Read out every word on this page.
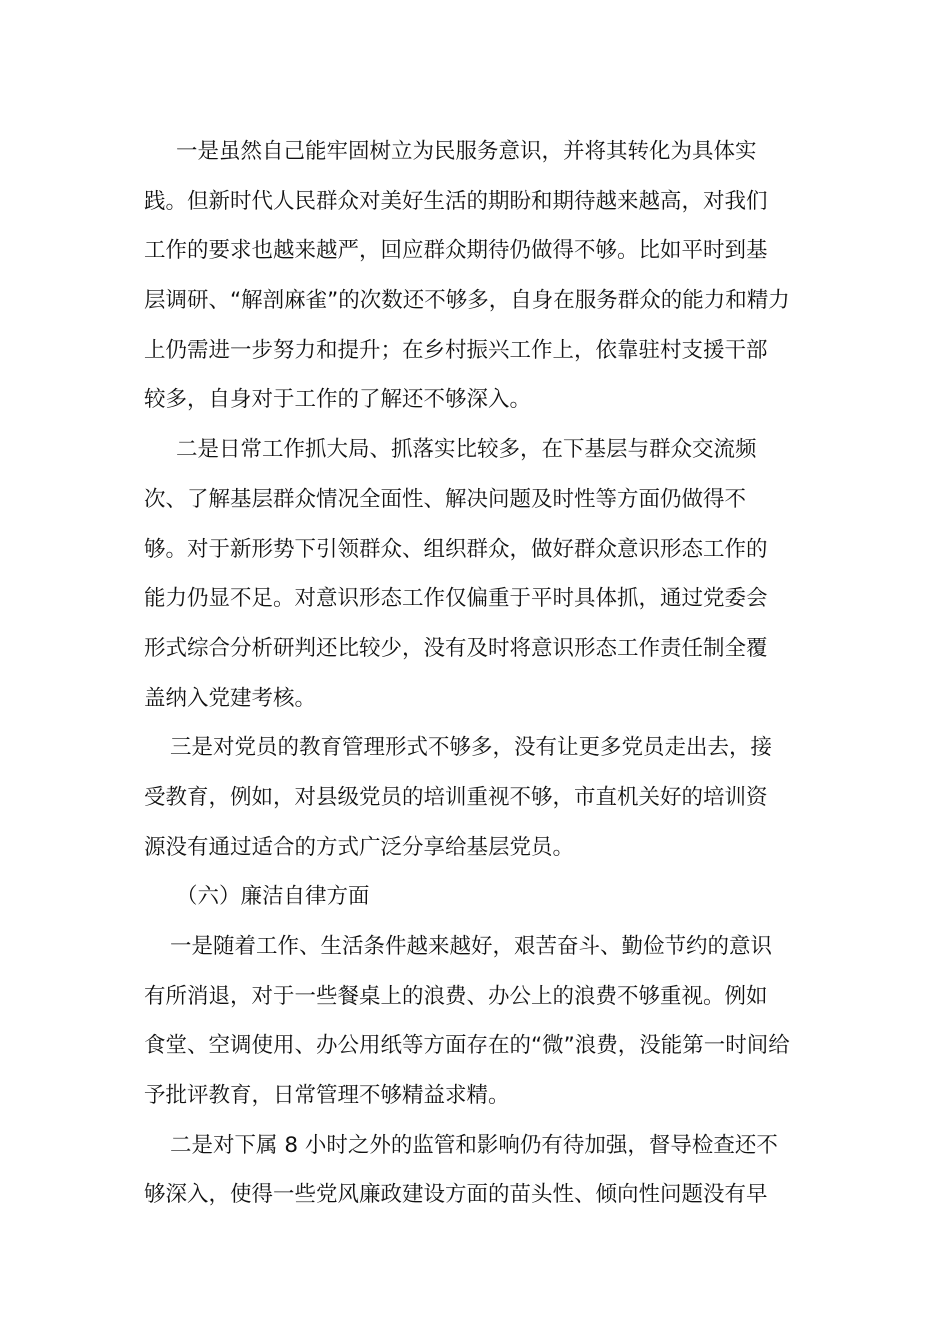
一是虽然自己能牢固树立为民服务意识，并将其转化为具体实
践。但新时代人民群众对美好生活的期盼和期待越来越高，对我们
工作的要求也越来越严，回应群众期待仍做得不够。比如平时到基
层调研、“解剖麻雀”的次数还不够多，自身在服务群众的能力和精力
上仍需进一步努力和提升；在乡村振兴工作上，依靠驻村支援干部
较多，自身对于工作的了解还不够深入。
二是日常工作抓大局、抓落实比较多，在下基层与群众交流频
次、了解基层群众情况全面性、解决问题及时性等方面仍做得不
够。对于新形势下引领群众、组织群众，做好群众意识形态工作的
能力仍显不足。对意识形态工作仅偏重于平时具体抓，通过党委会
形式综合分析研判还比较少，没有及时将意识形态工作责任制全覆
盖纳入党建考核。
三是对党员的教育管理形式不够多，没有让更多党员走出去，接
受教育，例如，对县级党员的培训重视不够，市直机关好的培训资
源没有通过适合的方式广泛分享给基层党员。
（六）廉洁自律方面
一是随着工作、生活条件越来越好，艰苦奋斗、勤俭节约的意识
有所消退，对于一些餐桌上的浪费、办公上的浪费不够重视。例如
食堂、空调使用、办公用纸等方面存在的“微”浪费，没能第一时间给
予批评教育，日常管理不够精益求精。
二是对下属 8 小时之外的监管和影响仍有待加强，督导检查还不
够深入，使得一些党风廉政建设方面的苗头性、倾向性问题没有早
